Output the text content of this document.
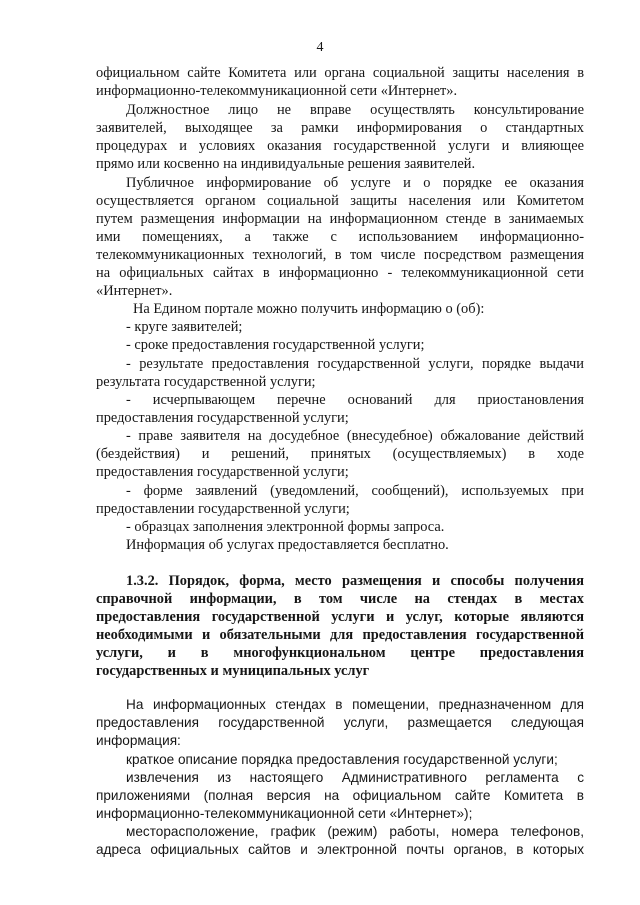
4
официальном сайте Комитета или органа социальной защиты населения в
информационно-телекоммуникационной сети «Интернет».
Должностное лицо не вправе осуществлять консультирование
заявителей, выходящее за рамки информирования о стандартных
процедурах и условиях оказания государственной услуги и влияющее
прямо или косвенно на индивидуальные решения заявителей.
Публичное информирование об услуге и о порядке ее оказания
осуществляется органом социальной защиты населения или Комитетом
путем размещения информации на информационном стенде в занимаемых
ими помещениях, а также с использованием информационно-
телекоммуникационных технологий, в том числе посредством размещения
на официальных сайтах в информационно - телекоммуникационной сети
«Интернет».
На Едином портале можно получить информацию о (об):
- круге заявителей;
- сроке предоставления государственной услуги;
- результате предоставления государственной услуги, порядке выдачи
результата государственной услуги;
- исчерпывающем перечне оснований для приостановления
предоставления государственной услуги;
- праве заявителя на досудебное (внесудебное) обжалование действий
(бездействия) и решений, принятых (осуществляемых) в ходе
предоставления государственной услуги;
- форме заявлений (уведомлений, сообщений), используемых при
предоставлении государственной услуги;
- образцах заполнения электронной формы запроса.
Информация об услугах предоставляется бесплатно.
1.3.2. Порядок, форма, место размещения и способы получения
справочной информации, в том числе на стендах в местах
предоставления государственной услуги и услуг, которые являются
необходимыми и обязательными для предоставления государственной
услуги, и в многофункциональном центре предоставления
государственных и муниципальных услуг
На информационных стендах в помещении, предназначенном для
предоставления государственной услуги, размещается следующая
информация:
краткое описание порядка предоставления государственной услуги;
извлечения из настоящего Административного регламента с
приложениями (полная версия на официальном сайте Комитета в
информационно-телекоммуникационной сети «Интернет»);
месторасположение, график (режим) работы, номера телефонов,
адреса официальных сайтов и электронной почты органов, в которых
